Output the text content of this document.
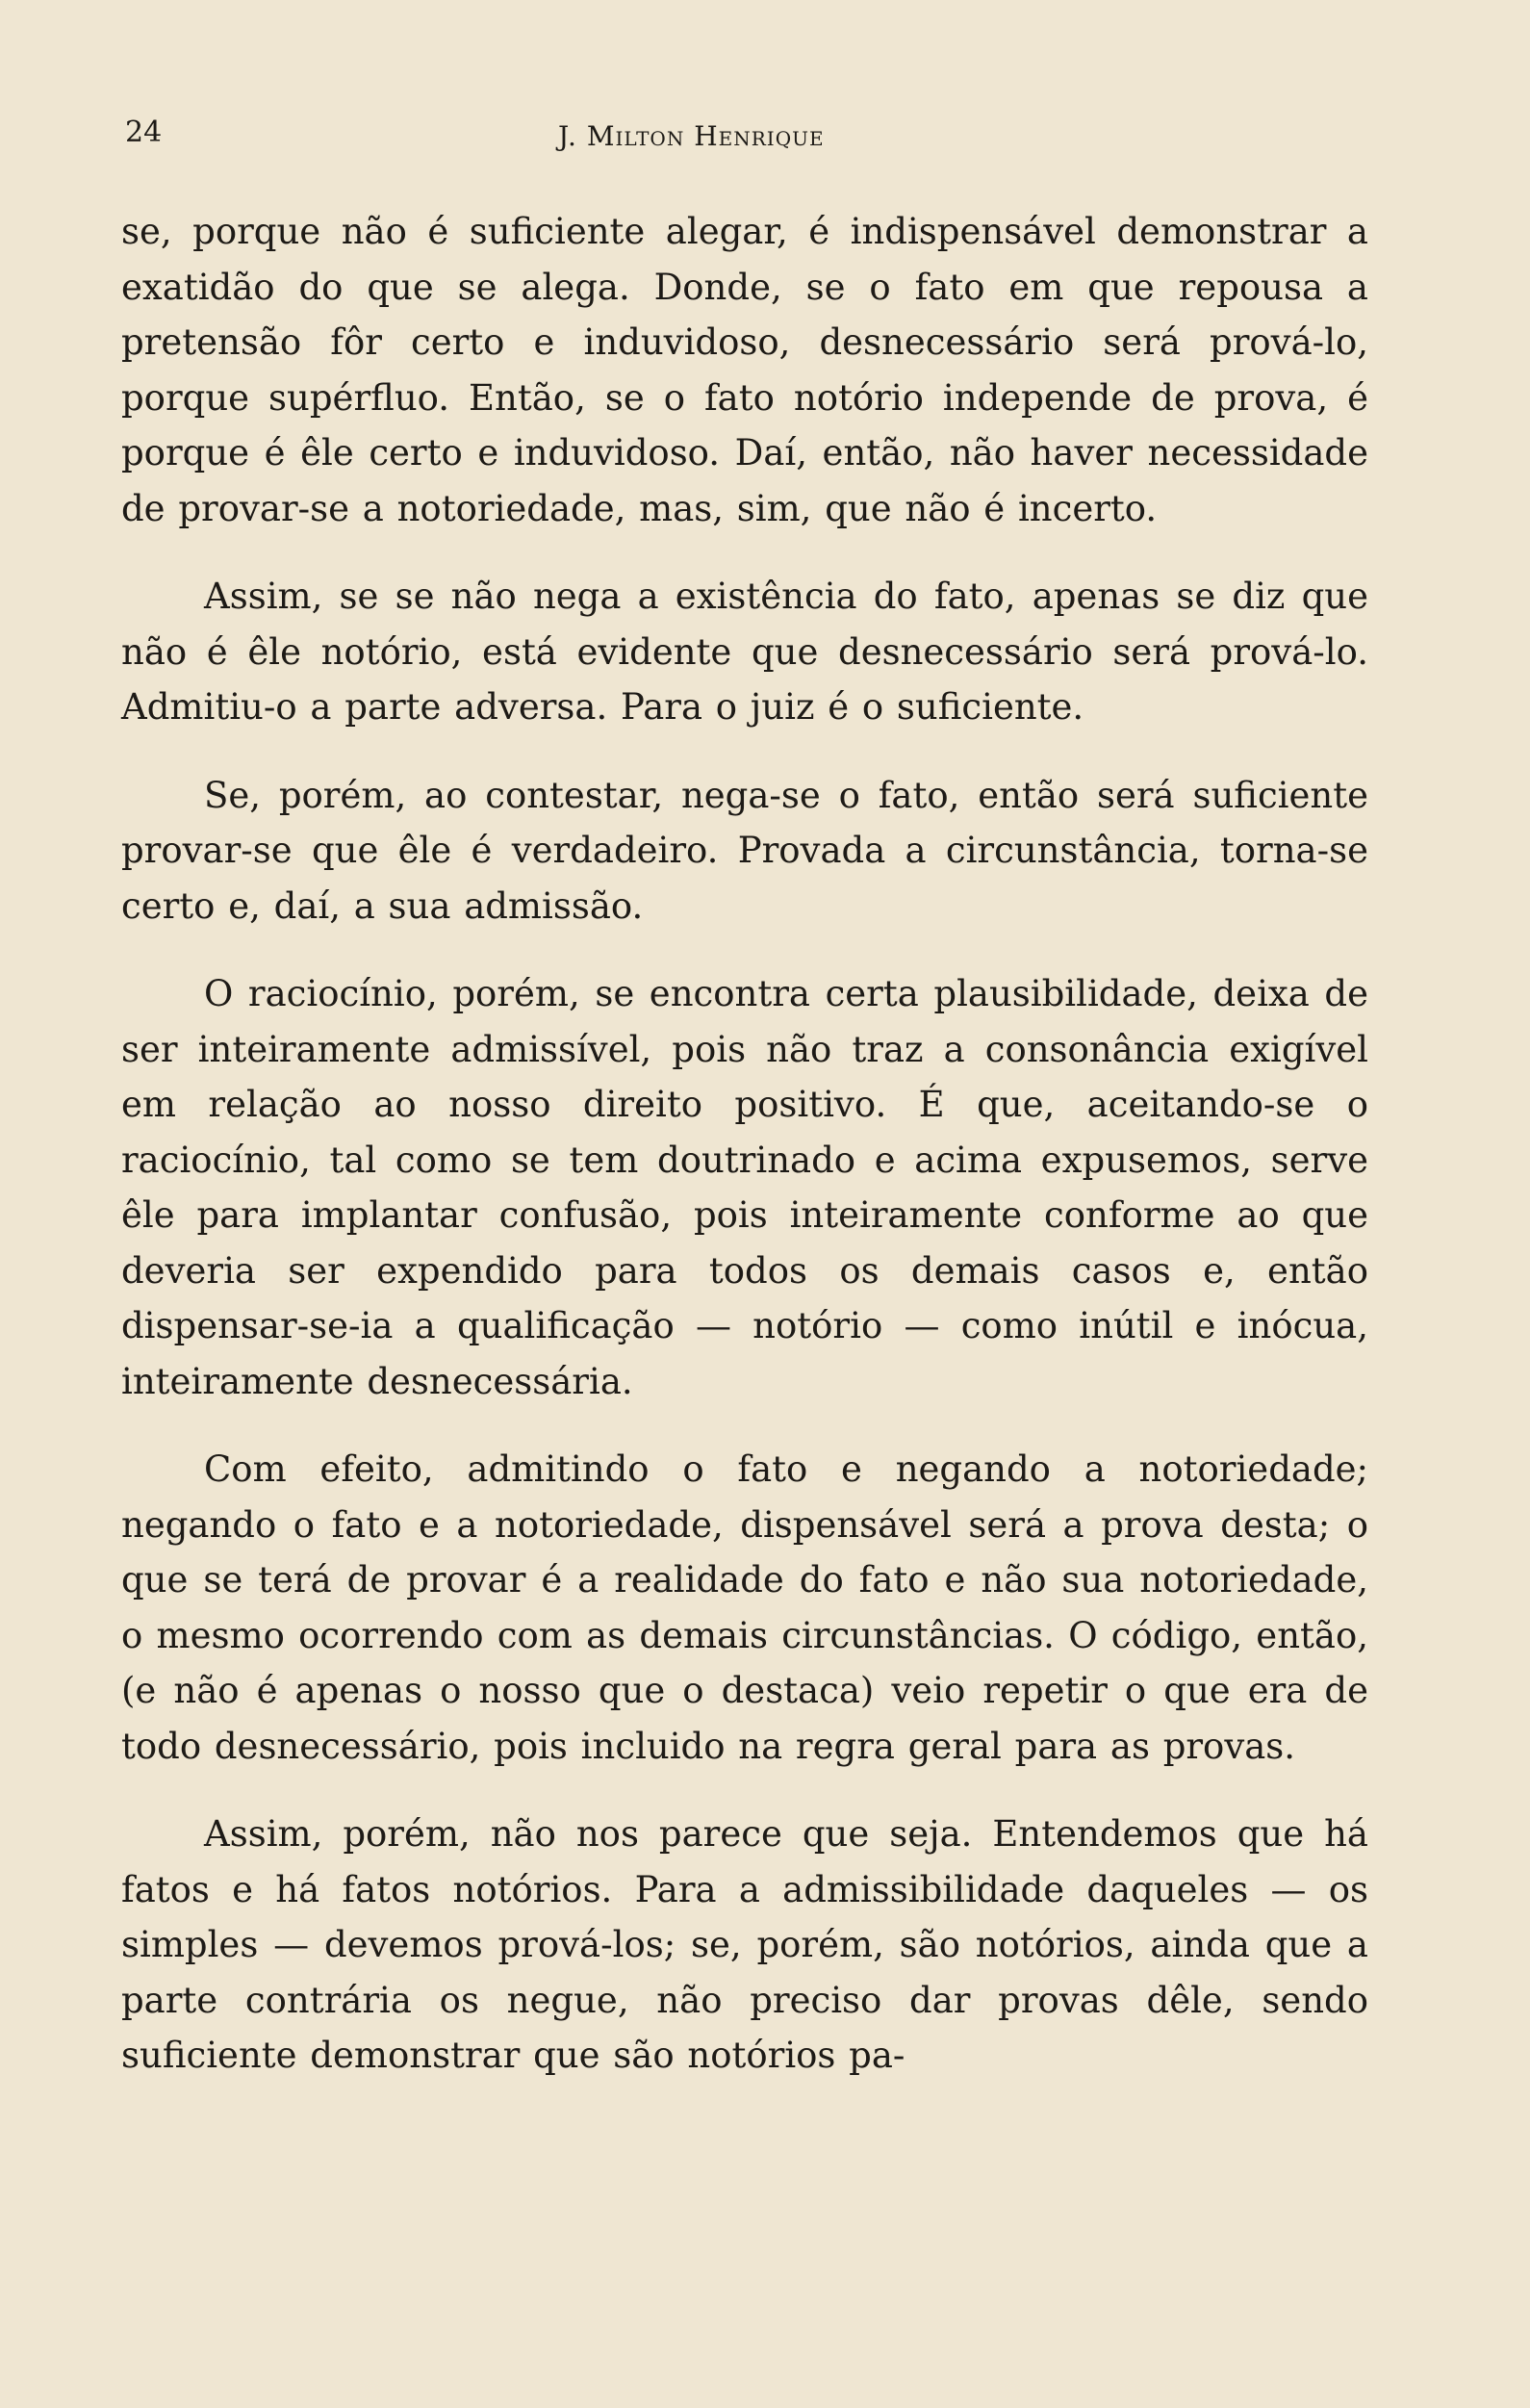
24	J. Milton Henrique

se, porque não é suficiente alegar, é indispensável demonstrar a exatidão do que se alega. Donde, se o fato em que repousa a pretensão fôr certo e induvidoso, desnecessário será prová-lo, porque supérfluo. Então, se o fato notório independe de prova, é porque é êle certo e induvidoso. Daí, então, não haver necessidade de provar-se a notoriedade, mas, sim, que não é incerto.

Assim, se se não nega a existência do fato, apenas se diz que não é êle notório, está evidente que desnecessário será prová-lo. Admitiu-o a parte adversa. Para o juiz é o suficiente.

Se, porém, ao contestar, nega-se o fato, então será suficiente provar-se que êle é verdadeiro. Provada a circunstância, torna-se certo e, daí, a sua admissão.

O raciocínio, porém, se encontra certa plausibilidade, deixa de ser inteiramente admissível, pois não traz a consonância exigível em relação ao nosso direito positivo. É que, aceitando-se o raciocínio, tal como se tem doutrinado e acima expusemos, serve êle para implantar confusão, pois inteiramente conforme ao que deveria ser expendido para todos os demais casos e, então dispensar-se-ia a qualificação — notório — como inútil e inócua, inteiramente desnecessária.

Com efeito, admitindo o fato e negando a notoriedade; negando o fato e a notoriedade, dispensável será a prova desta; o que se terá de provar é a realidade do fato e não sua notoriedade, o mesmo ocorrendo com as demais circunstâncias. O código, então, (e não é apenas o nosso que o destaca) veio repetir o que era de todo desnecessário, pois incluido na regra geral para as provas.

Assim, porém, não nos parece que seja. Entendemos que há fatos e há fatos notórios. Para a admissibilidade daqueles — os simples — devemos prová-los; se, porém, são notórios, ainda que a parte contrária os negue, não preciso dar provas dêle, sendo suficiente demonstrar que são notórios pa-
